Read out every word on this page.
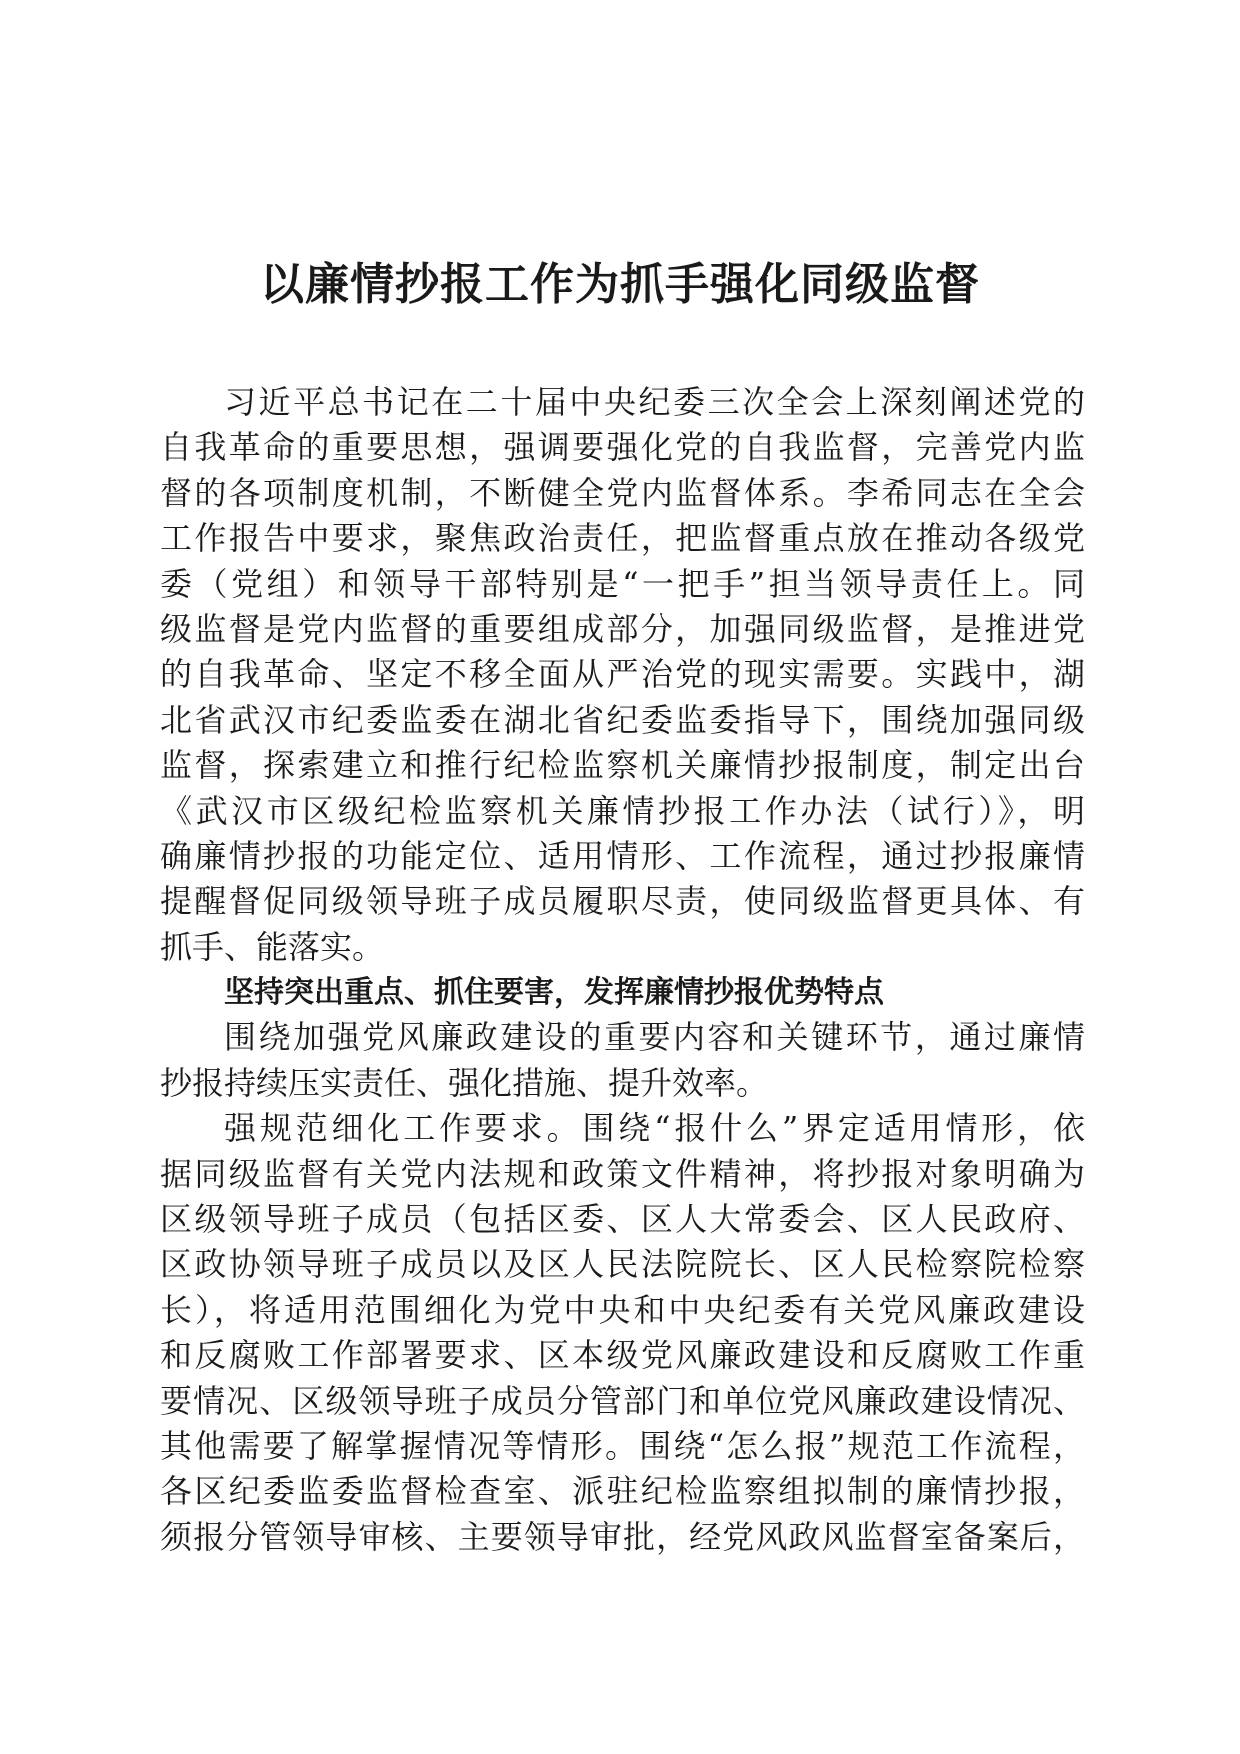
以廉情抄报工作为抓手强化同级监督
习近平总书记在二十届中央纪委三次全会上深刻阐述党的
自我革命的重要思想，强调要强化党的自我监督，完善党内监
督的各项制度机制，不断健全党内监督体系。李希同志在全会
工作报告中要求，聚焦政治责任，把监督重点放在推动各级党
委（党组）和领导干部特别是“一把手”担当领导责任上。同
级监督是党内监督的重要组成部分，加强同级监督，是推进党
的自我革命、坚定不移全面从严治党的现实需要。实践中，湖
北省武汉市纪委监委在湖北省纪委监委指导下，围绕加强同级
监督，探索建立和推行纪检监察机关廉情抄报制度，制定出台
《武汉市区级纪检监察机关廉情抄报工作办法（试行）》，明
确廉情抄报的功能定位、适用情形、工作流程，通过抄报廉情
提醒督促同级领导班子成员履职尽责，使同级监督更具体、有
抓手、能落实。
坚持突出重点、抓住要害，发挥廉情抄报优势特点
围绕加强党风廉政建设的重要内容和关键环节，通过廉情
抄报持续压实责任、强化措施、提升效率。
强规范细化工作要求。围绕“报什么”界定适用情形，依
据同级监督有关党内法规和政策文件精神，将抄报对象明确为
区级领导班子成员（包括区委、区人大常委会、区人民政府、
区政协领导班子成员以及区人民法院院长、区人民检察院检察
长），将适用范围细化为党中央和中央纪委有关党风廉政建设
和反腐败工作部署要求、区本级党风廉政建设和反腐败工作重
要情况、区级领导班子成员分管部门和单位党风廉政建设情况、
其他需要了解掌握情况等情形。围绕“怎么报”规范工作流程，
各区纪委监委监督检查室、派驻纪检监察组拟制的廉情抄报，
须报分管领导审核、主要领导审批，经党风政风监督室备案后，
